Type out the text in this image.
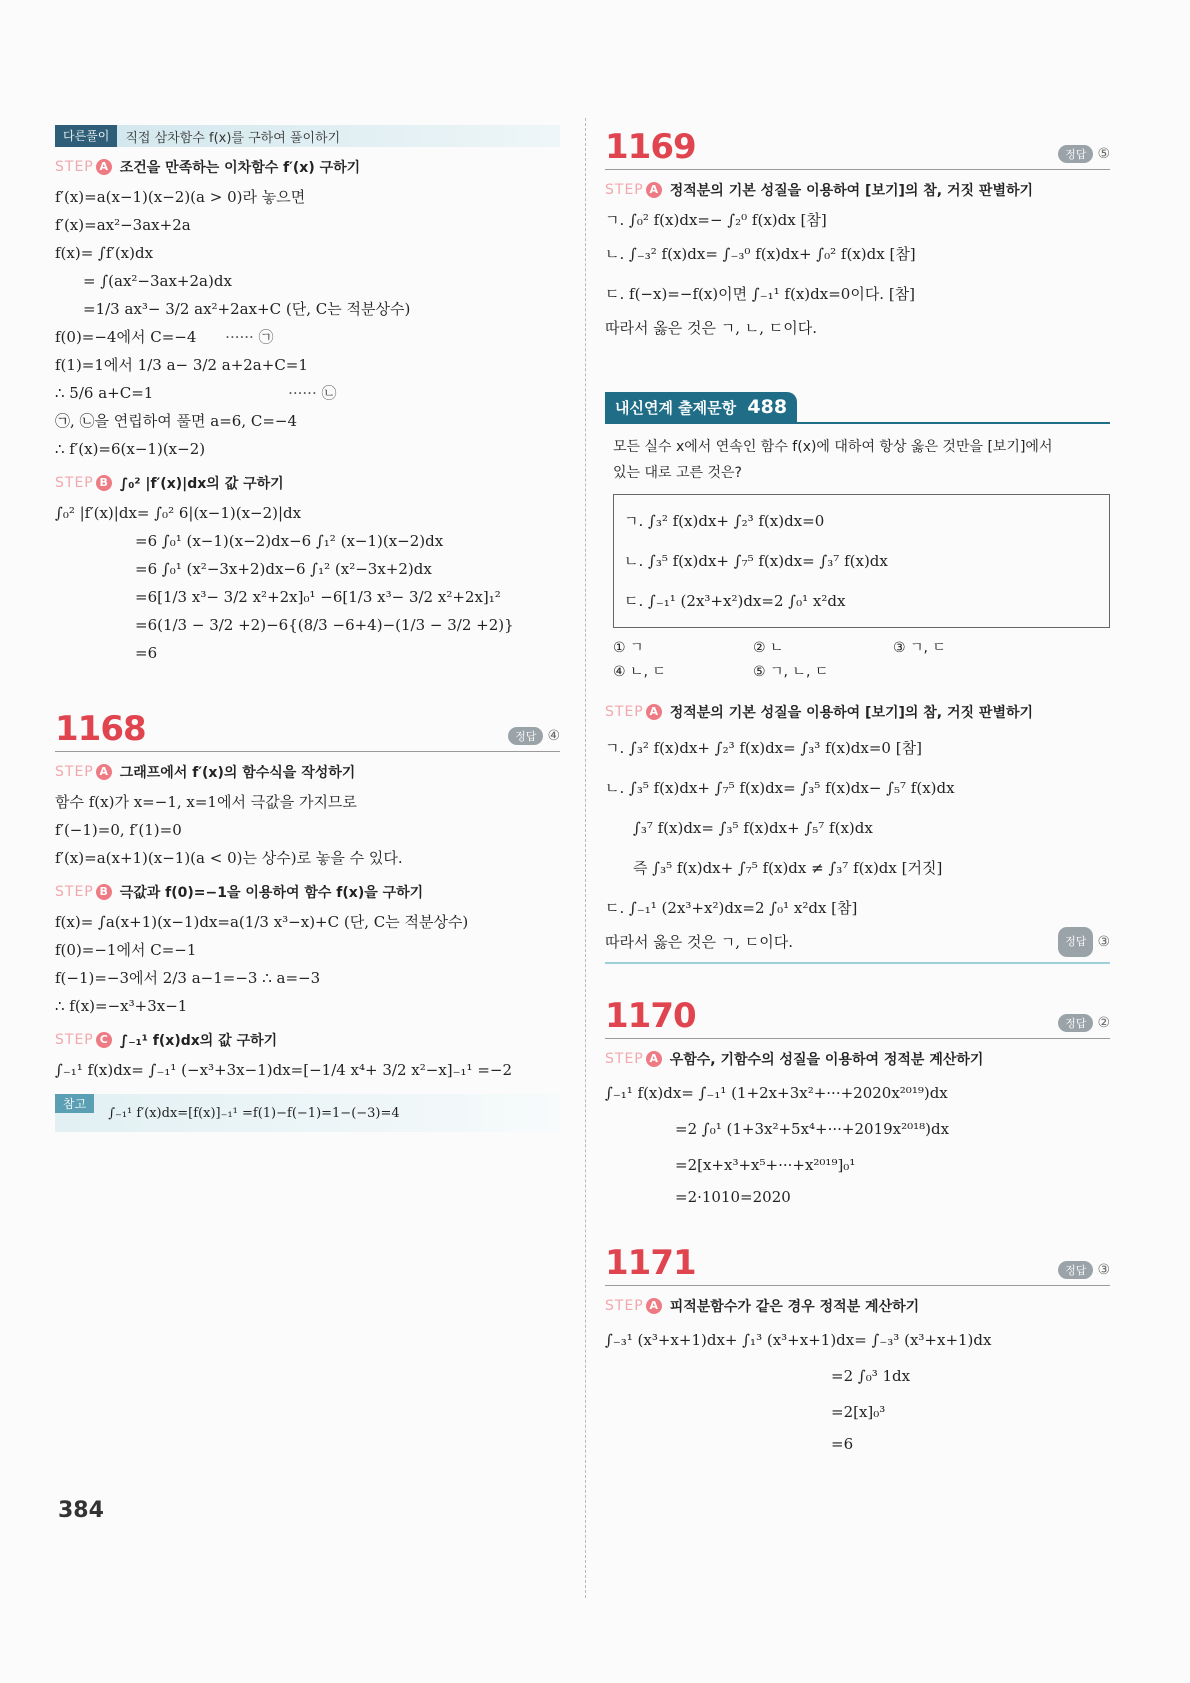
다른풀이	직접 삼차함수 f(x)를 구하여 풀이하기
STEP A 조건을 만족하는 이차함수 f′(x) 구하기
f′(x)=a(x−1)(x−2)(a > 0)라 놓으면
f′(x)=ax²−3ax+2a
f(x)= ∫f′(x)dx
= ∫(ax²−3ax+2a)dx
=1/3 ax³− 3/2 ax²+2ax+C (단, C는 적분상수)
f(0)=−4에서 C=−4 ······ ㉠
f(1)=1에서 1/3 a− 3/2 a+2a+C=1
∴ 5/6 a+C=1	······ ㉡
㉠, ㉡을 연립하여 풀면 a=6, C=−4
∴ f′(x)=6(x−1)(x−2)
STEP B ∫₀² |f′(x)|dx의 값 구하기
∫₀² |f′(x)|dx= ∫₀² 6|(x−1)(x−2)|dx
=6 ∫₀¹ (x−1)(x−2)dx−6 ∫₁² (x−1)(x−2)dx
=6 ∫₀¹ (x²−3x+2)dx−6 ∫₁² (x²−3x+2)dx
=6[1/3 x³− 3/2 x²+2x]₀¹ −6[1/3 x³− 3/2 x²+2x]₁²
=6(1/3 − 3/2 +2)−6{(8/3 −6+4)−(1/3 − 3/2 +2)}
=6
1168	정답 ④
STEP A 그래프에서 f′(x)의 함수식을 작성하기
함수 f(x)가 x=−1, x=1에서 극값을 가지므로
f′(−1)=0, f′(1)=0
f′(x)=a(x+1)(x−1)(a < 0)는 상수)로 놓을 수 있다.
STEP B 극값과 f(0)=−1을 이용하여 함수 f(x)을 구하기
f(x)= ∫a(x+1)(x−1)dx=a(1/3 x³−x)+C (단, C는 적분상수)
f(0)=−1에서 C=−1
f(−1)=−3에서 2/3 a−1=−3 ∴ a=−3
∴ f(x)=−x³+3x−1
STEP C ∫₋₁¹ f(x)dx의 값 구하기
∫₋₁¹ f(x)dx= ∫₋₁¹ (−x³+3x−1)dx=[−1/4 x⁴+ 3/2 x²−x]₋₁¹ =−2
참고
∫₋₁¹ f′(x)dx=[f(x)]₋₁¹ =f(1)−f(−1)=1−(−3)=4
1169	정답 ⑤
STEP A 정적분의 기본 성질을 이용하여 [보기]의 참, 거짓 판별하기
ㄱ. ∫₀² f(x)dx=− ∫₂⁰ f(x)dx [참]
ㄴ. ∫₋₃² f(x)dx= ∫₋₃⁰ f(x)dx+ ∫₀² f(x)dx [참]
ㄷ. f(−x)=−f(x)이면 ∫₋₁¹ f(x)dx=0이다. [참]
따라서 옳은 것은 ㄱ, ㄴ, ㄷ이다.
내신연계 출제문항 488
모든 실수 x에서 연속인 함수 f(x)에 대하여 항상 옳은 것만을 [보기]에서
있는 대로 고른 것은?
ㄱ. ∫₃² f(x)dx+ ∫₂³ f(x)dx=0
ㄴ. ∫₃⁵ f(x)dx+ ∫₇⁵ f(x)dx= ∫₃⁷ f(x)dx
ㄷ. ∫₋₁¹ (2x³+x²)dx=2 ∫₀¹ x²dx
① ㄱ	② ㄴ	③ ㄱ, ㄷ
④ ㄴ, ㄷ	⑤ ㄱ, ㄴ, ㄷ
STEP A 정적분의 기본 성질을 이용하여 [보기]의 참, 거짓 판별하기
ㄱ. ∫₃² f(x)dx+ ∫₂³ f(x)dx= ∫₃³ f(x)dx=0 [참]
ㄴ. ∫₃⁵ f(x)dx+ ∫₇⁵ f(x)dx= ∫₃⁵ f(x)dx− ∫₅⁷ f(x)dx
∫₃⁷ f(x)dx= ∫₃⁵ f(x)dx+ ∫₅⁷ f(x)dx
즉 ∫₃⁵ f(x)dx+ ∫₇⁵ f(x)dx ≠ ∫₃⁷ f(x)dx [거짓]
ㄷ. ∫₋₁¹ (2x³+x²)dx=2 ∫₀¹ x²dx [참]
따라서 옳은 것은 ㄱ, ㄷ이다.	정답 ③
1170	정답 ②
STEP A 우함수, 기함수의 성질을 이용하여 정적분 계산하기
∫₋₁¹ f(x)dx= ∫₋₁¹ (1+2x+3x²+···+2020x²⁰¹⁹)dx
=2 ∫₀¹ (1+3x²+5x⁴+···+2019x²⁰¹⁸)dx
=2[x+x³+x⁵+···+x²⁰¹⁹]₀¹
=2·1010=2020
1171	정답 ③
STEP A 피적분함수가 같은 경우 정적분 계산하기
∫₋₃¹ (x³+x+1)dx+ ∫₁³ (x³+x+1)dx= ∫₋₃³ (x³+x+1)dx
=2 ∫₀³ 1dx
=2[x]₀³
=6
384
